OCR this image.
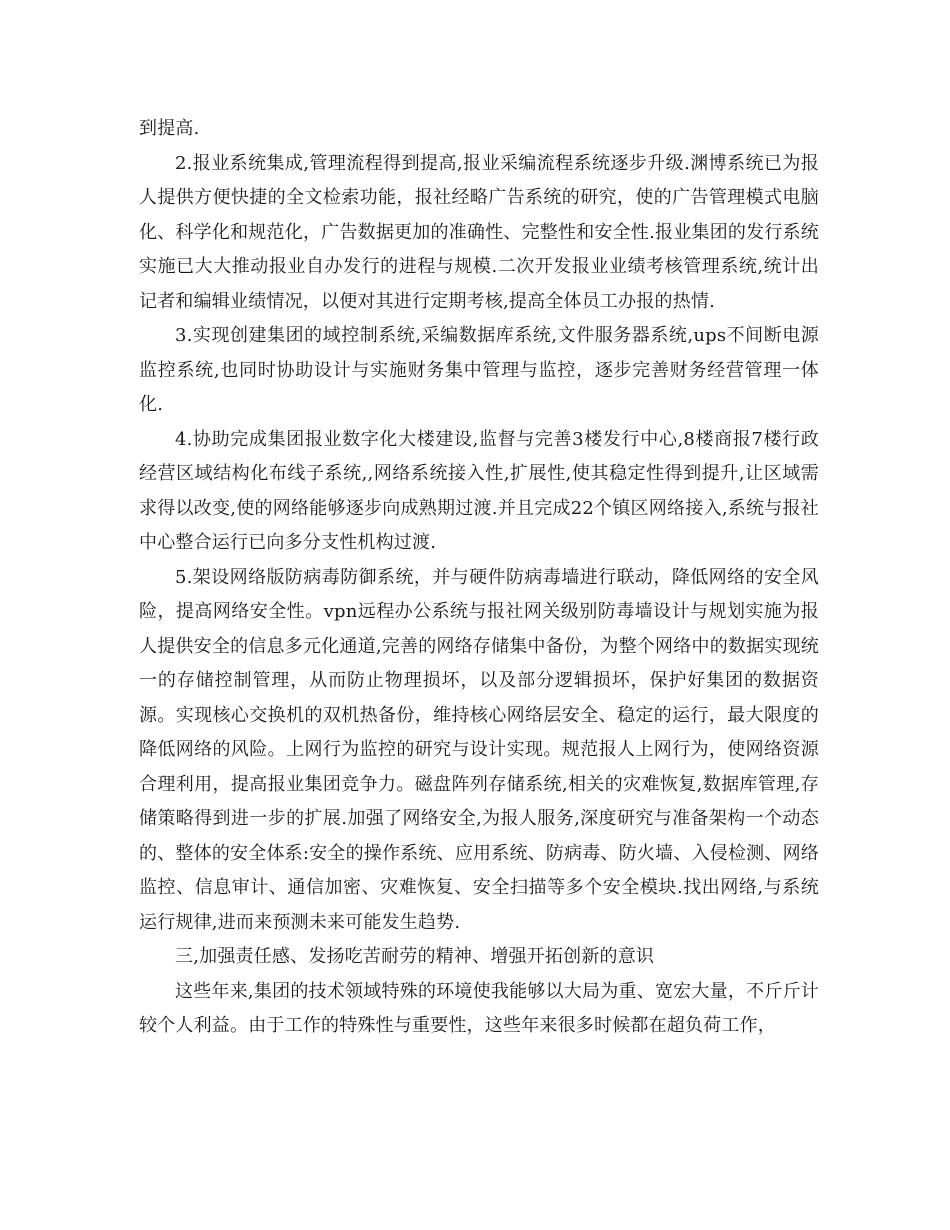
到提高.

2.报业系统集成,管理流程得到提高,报业采编流程系统逐步升级.渊博系统已为报人提供方便快捷的全文检索功能，报社经略广告系统的研究，使的广告管理模式电脑化、科学化和规范化，广告数据更加的准确性、完整性和安全性.报业集团的发行系统实施已大大推动报业自办发行的进程与规模.二次开发报业业绩考核管理系统,统计出记者和编辑业绩情况，以便对其进行定期考核,提高全体员工办报的热情.

3.实现创建集团的域控制系统,采编数据库系统,文件服务器系统,ups不间断电源监控系统,也同时协助设计与实施财务集中管理与监控，逐步完善财务经营管理一体化.

4.协助完成集团报业数字化大楼建设,监督与完善3楼发行中心,8楼商报7楼行政经营区域结构化布线子系统,,网络系统接入性,扩展性,使其稳定性得到提升,让区域需求得以改变,使的网络能够逐步向成熟期过渡.并且完成22个镇区网络接入,系统与报社中心整合运行已向多分支性机构过渡.

5.架设网络版防病毒防御系统，并与硬件防病毒墙进行联动，降低网络的安全风险，提高网络安全性。vpn远程办公系统与报社网关级别防毒墙设计与规划实施为报人提供安全的信息多元化通道,完善的网络存储集中备份，为整个网络中的数据实现统一的存储控制管理，从而防止物理损坏，以及部分逻辑损坏，保护好集团的数据资源。实现核心交换机的双机热备份，维持核心网络层安全、稳定的运行，最大限度的降低网络的风险。上网行为监控的研究与设计实现。规范报人上网行为，使网络资源合理利用，提高报业集团竞争力。磁盘阵列存储系统,相关的灾难恢复,数据库管理,存储策略得到进一步的扩展.加强了网络安全,为报人服务,深度研究与准备架构一个动态的、整体的安全体系:安全的操作系统、应用系统、防病毒、防火墙、入侵检测、网络监控、信息审计、通信加密、灾难恢复、安全扫描等多个安全模块.找出网络,与系统运行规律,进而来预测未来可能发生趋势.

三,加强责任感、发扬吃苦耐劳的精神、增强开拓创新的意识

这些年来,集团的技术领域特殊的环境使我能够以大局为重、宽宏大量，不斤斤计较个人利益。由于工作的特殊性与重要性，这些年来很多时候都在超负荷工作，
